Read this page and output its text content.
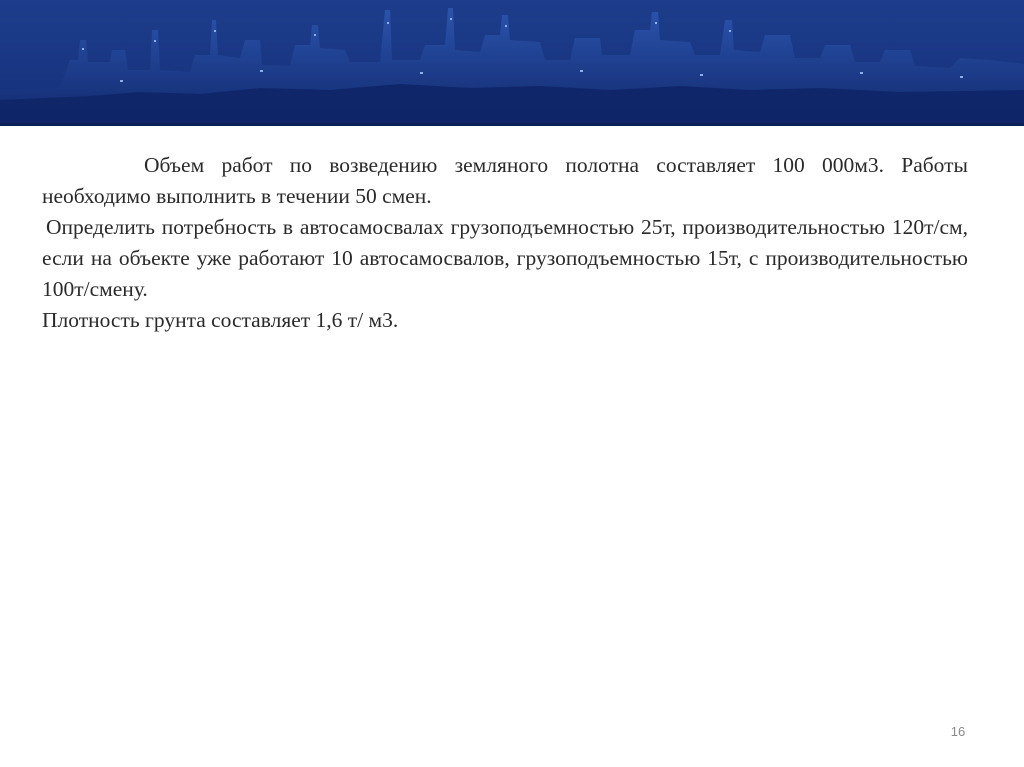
Объем работ по возведению земляного полотна составляет 100 000м3. Работы необходимо выполнить в течении 50 смен.

Определить потребность в автосамосвалах грузоподъемностью 25т, производительностью 120т/см, если на объекте уже работают 10 автосамосвалов, грузоподъемностью 15т, с производительностью 100т/смену.

Плотность грунта составляет 1,6 т/ м3.

16
